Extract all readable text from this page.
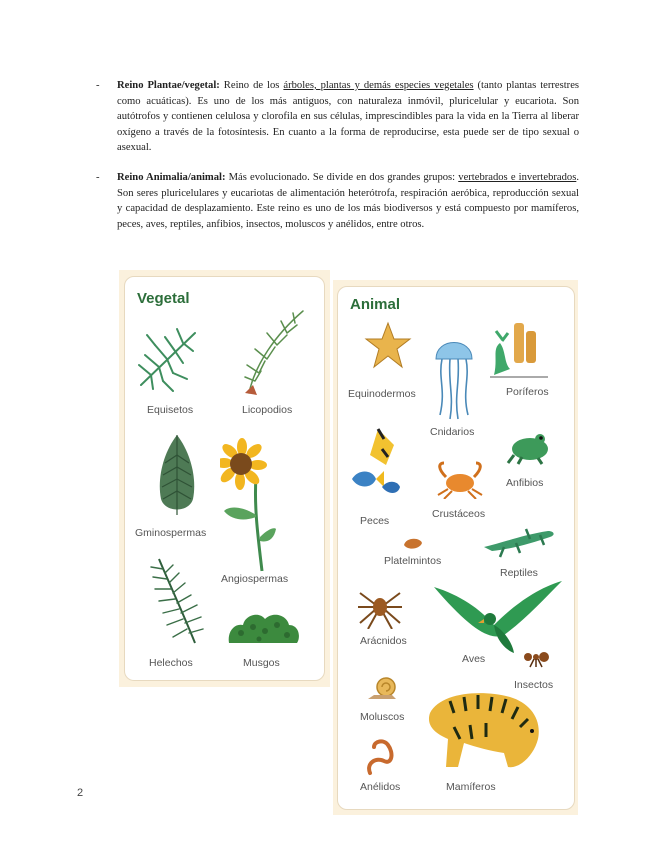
- Reino Plantae/vegetal: Reino de los árboles, plantas y demás especies vegetales (tanto plantas terrestres como acuáticas). Es uno de los más antiguos, con naturaleza inmóvil, pluricelular y eucariota. Son autótrofos y contienen celulosa y clorofila en sus células, imprescindibles para la vida en la Tierra al liberar oxígeno a través de la fotosíntesis. En cuanto a la forma de reproducirse, esta puede ser de tipo sexual o asexual.
- Reino Animalia/animal: Más evolucionado. Se divide en dos grandes grupos: vertebrados e invertebrados. Son seres pluricelulares y eucariotas de alimentación heterótrofa, respiración aeróbica, reproducción sexual y capacidad de desplazamiento. Este reino es uno de los más biodiversos y está compuesto por mamíferos, peces, aves, reptiles, anfibios, insectos, moluscos y anélidos, entre otros.
Vegetal
Equisetos	Licopodios
Gminospermas
Angiospermas
Helechos	Musgos
Animal
Equinodermos
Cnidarios
Poríferos
Anfibios
Peces
Crustáceos
Platelmintos
Reptiles
Arácnidos
Aves
Insectos
Moluscos
Mamíferos
Anélidos
2
